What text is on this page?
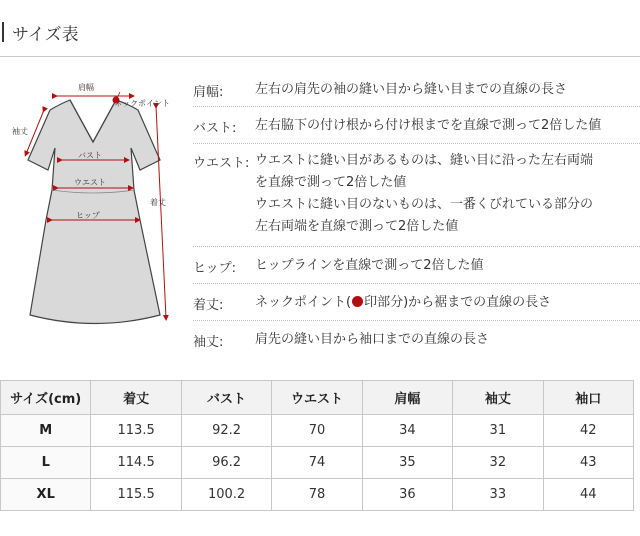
サイズ表
肩幅
ネックポイント
袖丈
バスト
ウエスト
着丈
ヒップ
肩幅: 左右の肩先の袖の縫い目から縫い目までの直線の長さ
バスト: 左右脇下の付け根から付け根までを直線で測って2倍した値
ウエスト: ウエストに縫い目があるものは、縫い目に沿った左右両端
を直線で測って2倍した値
ウエストに縫い目のないものは、一番くびれている部分の
左右両端を直線で測って2倍した値
ヒップ: ヒップラインを直線で測って2倍した値
着丈: ネックポイント( 印部分)から裾までの直線の長さ
袖丈: 肩先の縫い目から袖口までの直線の長さ
サイズ(cm)	着丈	バスト	ウエスト	肩幅	袖丈	袖口
M	113.5	92.2	70	34	31	42
L	114.5	96.2	74	35	32	43
XL	115.5	100.2	78	36	33	44
